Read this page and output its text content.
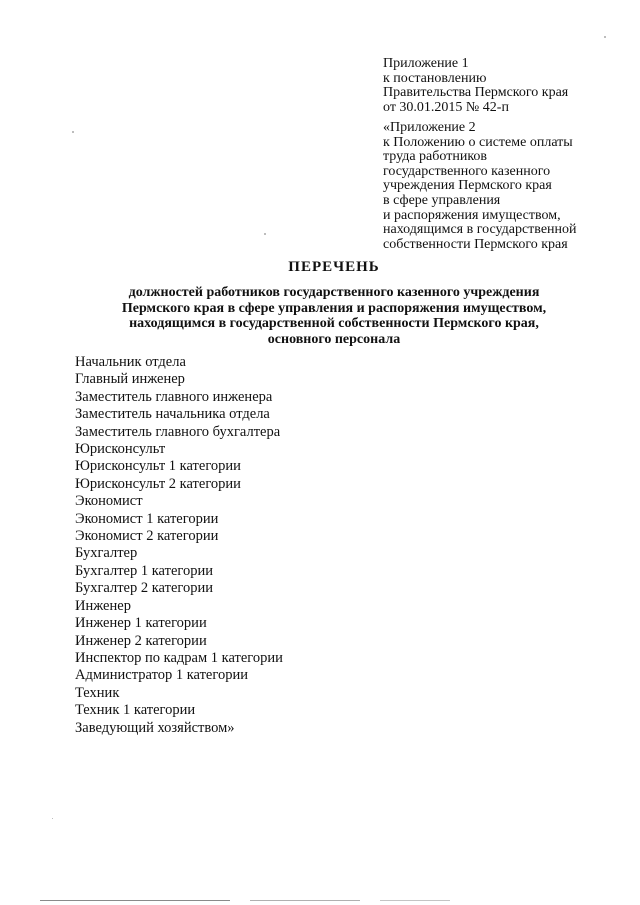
Приложение 1
к постановлению
Правительства Пермского края
от 30.01.2015 № 42-п
«Приложение 2
к Положению о системе оплаты
труда работников
государственного казенного
учреждения Пермского края
в сфере управления
и распоряжения имуществом,
находящимся в государственной
собственности Пермского края
ПЕРЕЧЕНЬ
должностей работников государственного казенного учреждения
Пермского края в сфере управления и распоряжения имуществом,
находящимся в государственной собственности Пермского края,
основного персонала
Начальник отдела
Главный инженер
Заместитель главного инженера
Заместитель начальника отдела
Заместитель главного бухгалтера
Юрисконсульт
Юрисконсульт 1 категории
Юрисконсульт 2 категории
Экономист
Экономист 1 категории
Экономист 2 категории
Бухгалтер
Бухгалтер 1 категории
Бухгалтер 2 категории
Инженер
Инженер 1 категории
Инженер 2 категории
Инспектор по кадрам 1 категории
Администратор 1 категории
Техник
Техник 1 категории
Заведующий хозяйством»
